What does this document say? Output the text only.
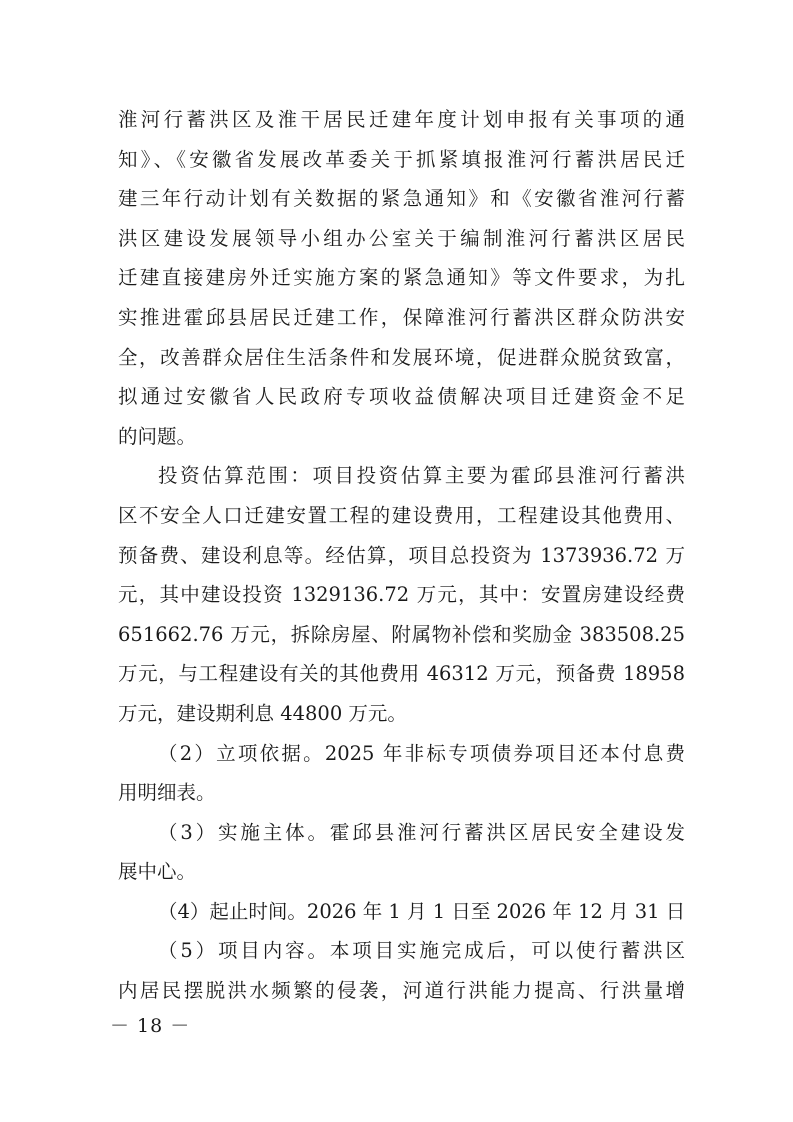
淮河行蓄洪区及淮干居民迁建年度计划申报有关事项的通
知》、《安徽省发展改革委关于抓紧填报淮河行蓄洪居民迁
建三年行动计划有关数据的紧急通知》和《安徽省淮河行蓄
洪区建设发展领导小组办公室关于编制淮河行蓄洪区居民
迁建直接建房外迁实施方案的紧急通知》等文件要求，为扎
实推进霍邱县居民迁建工作，保障淮河行蓄洪区群众防洪安
全，改善群众居住生活条件和发展环境，促进群众脱贫致富，
拟通过安徽省人民政府专项收益债解决项目迁建资金不足
的问题。
投资估算范围：项目投资估算主要为霍邱县淮河行蓄洪
区不安全人口迁建安置工程的建设费用，工程建设其他费用、
预备费、建设利息等。经估算，项目总投资为 1373936.72 万
元，其中建设投资 1329136.72 万元，其中：安置房建设经费
651662.76 万元，拆除房屋、附属物补偿和奖励金 383508.25
万元，与工程建设有关的其他费用 46312 万元，预备费 18958
万元，建设期利息 44800 万元。
（2）立项依据。2025 年非标专项债券项目还本付息费
用明细表。
（3）实施主体。霍邱县淮河行蓄洪区居民安全建设发
展中心。
（4）起止时间。2026 年 1 月 1 日至 2026 年 12 月 31 日
（5）项目内容。本项目实施完成后，可以使行蓄洪区
内居民摆脱洪水频繁的侵袭，河道行洪能力提高、行洪量增
－ 18 －
